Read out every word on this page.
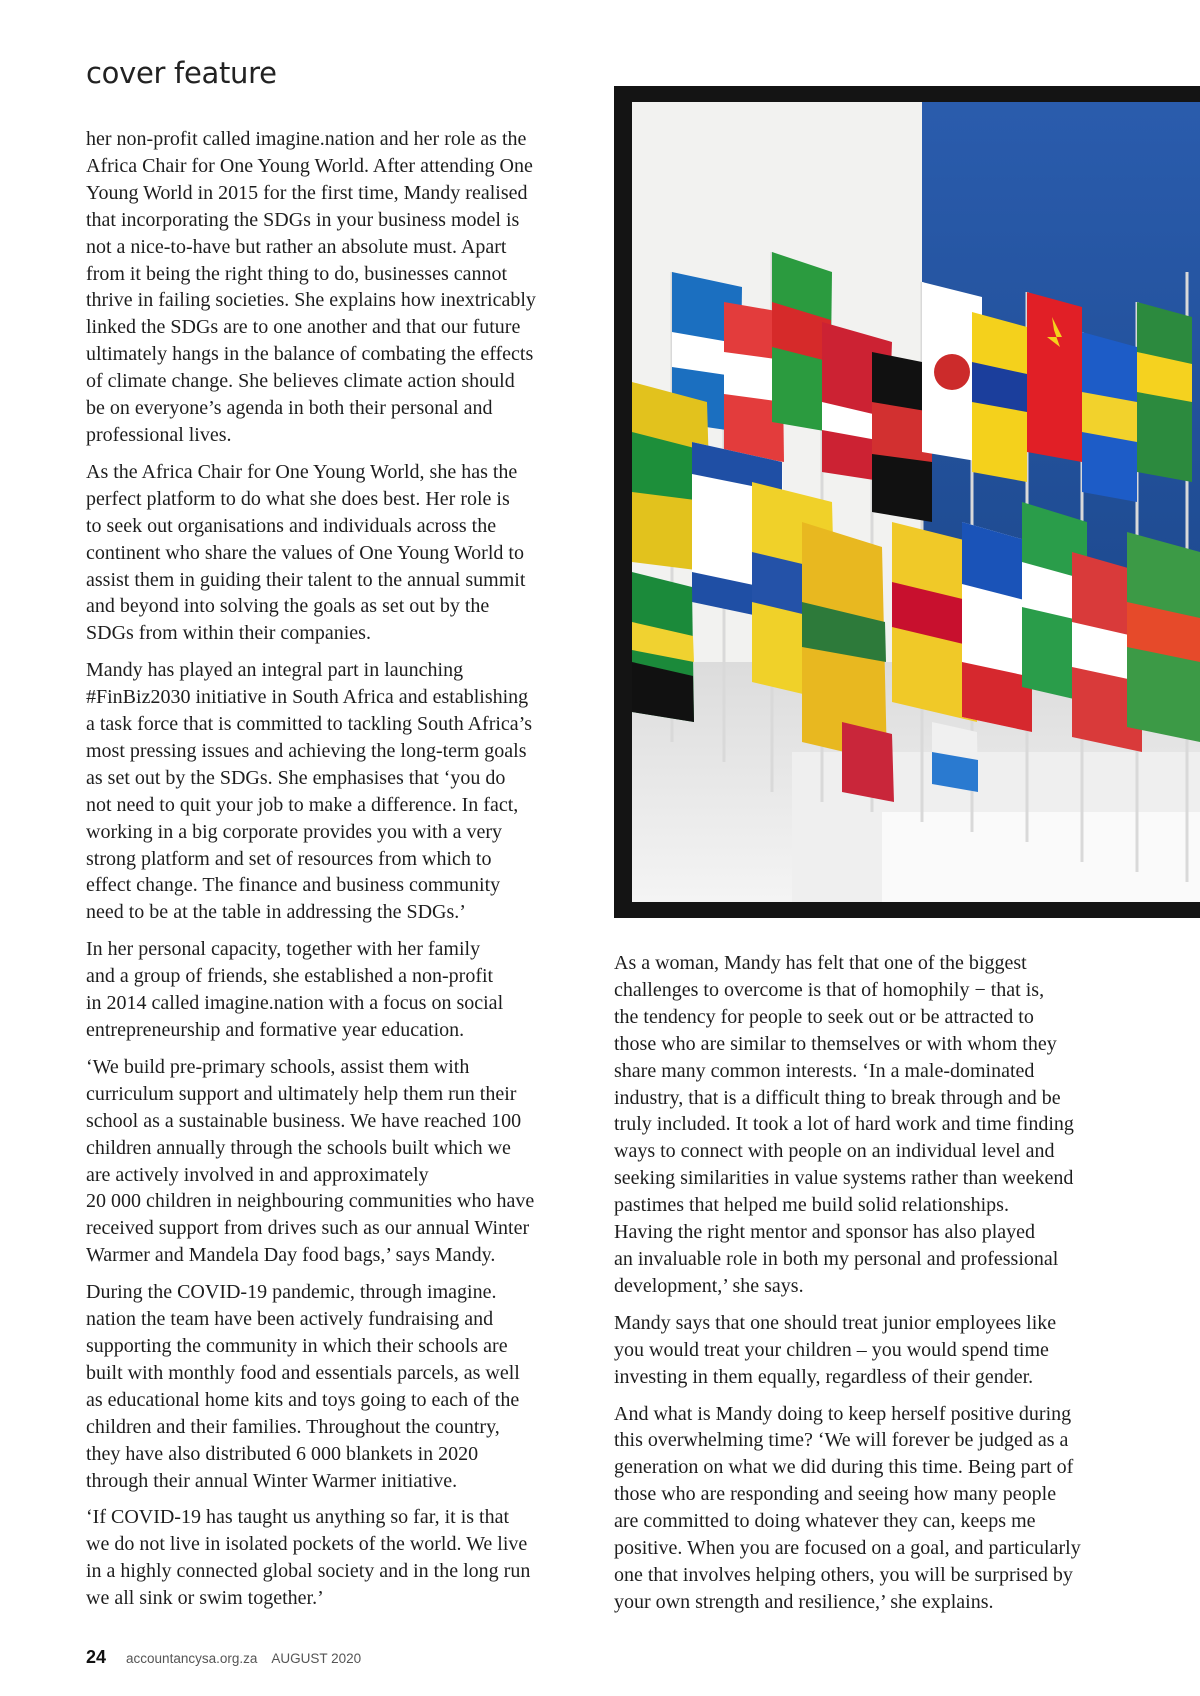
cover feature

her non-profit called imagine.nation and her role as the
Africa Chair for One Young World. After attending One
Young World in 2015 for the first time, Mandy realised
that incorporating the SDGs in your business model is
not a nice-to-have but rather an absolute must. Apart
from it being the right thing to do, businesses cannot
thrive in failing societies. She explains how inextricably
linked the SDGs are to one another and that our future
ultimately hangs in the balance of combating the effects
of climate change. She believes climate action should
be on everyone’s agenda in both their personal and
professional lives.

As the Africa Chair for One Young World, she has the
perfect platform to do what she does best. Her role is
to seek out organisations and individuals across the
continent who share the values of One Young World to
assist them in guiding their talent to the annual summit
and beyond into solving the goals as set out by the
SDGs from within their companies.

Mandy has played an integral part in launching
#FinBiz2030 initiative in South Africa and establishing
a task force that is committed to tackling South Africa’s
most pressing issues and achieving the long-term goals
as set out by the SDGs. She emphasises that ‘you do
not need to quit your job to make a difference. In fact,
working in a big corporate provides you with a very
strong platform and set of resources from which to
effect change. The finance and business community
need to be at the table in addressing the SDGs.’

In her personal capacity, together with her family
and a group of friends, she established a non-profit
in 2014 called imagine.nation with a focus on social
entrepreneurship and formative year education.

‘We build pre-primary schools, assist them with
curriculum support and ultimately help them run their
school as a sustainable business. We have reached 100
children annually through the schools built which we
are actively involved in and approximately
20 000 children in neighbouring communities who have
received support from drives such as our annual Winter
Warmer and Mandela Day food bags,’ says Mandy.

During the COVID-19 pandemic, through imagine.
nation the team have been actively fundraising and
supporting the community in which their schools are
built with monthly food and essentials parcels, as well
as educational home kits and toys going to each of the
children and their families. Throughout the country,
they have also distributed 6 000 blankets in 2020
through their annual Winter Warmer initiative.

‘If COVID-19 has taught us anything so far, it is that
we do not live in isolated pockets of the world. We live
in a highly connected global society and in the long run
we all sink or swim together.’

As a woman, Mandy has felt that one of the biggest
challenges to overcome is that of homophily − that is,
the tendency for people to seek out or be attracted to
those who are similar to themselves or with whom they
share many common interests. ‘In a male-dominated
industry, that is a difficult thing to break through and be
truly included. It took a lot of hard work and time finding
ways to connect with people on an individual level and
seeking similarities in value systems rather than weekend
pastimes that helped me build solid relationships.
Having the right mentor and sponsor has also played
an invaluable role in both my personal and professional
development,’ she says.

Mandy says that one should treat junior employees like
you would treat your children – you would spend time
investing in them equally, regardless of their gender.

And what is Mandy doing to keep herself positive during
this overwhelming time? ‘We will forever be judged as a
generation on what we did during this time. Being part of
those who are responding and seeing how many people
are committed to doing whatever they can, keeps me
positive. When you are focused on a goal, and particularly
one that involves helping others, you will be surprised by
your own strength and resilience,’ she explains.

24 accountancysa.org.za AUGUST 2020
